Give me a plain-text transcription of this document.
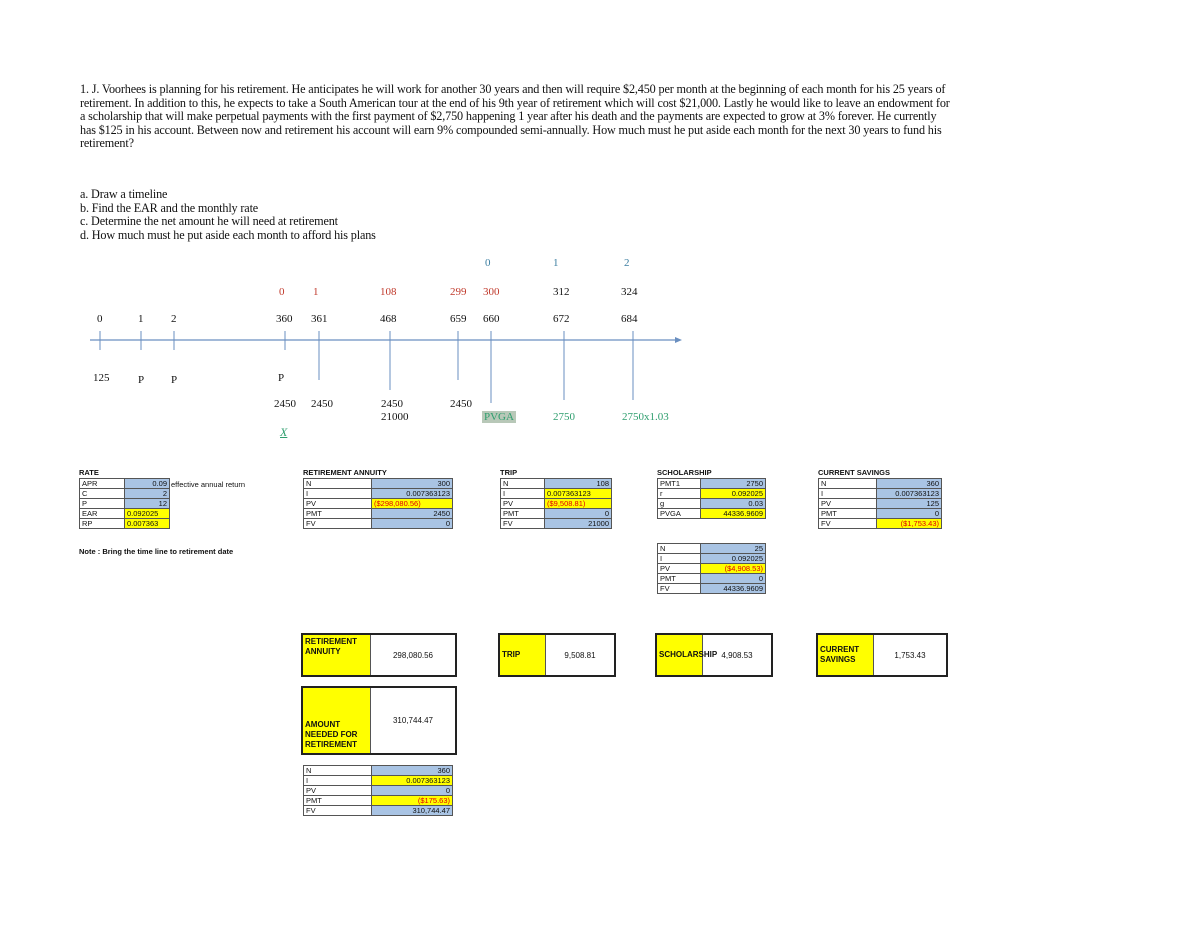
1. J. Voorhees is planning for his retirement. He anticipates he will work for another 30 years and then will require $2,450 per month at the beginning of each month for his 25 years of retirement. In addition to this, he expects to take a South American tour at the end of his 9th year of retirement which will cost $21,000. Lastly he would like to leave an endowment for a scholarship that will make perpetual payments with the first payment of $2,750 happening 1 year after his death and the payments are expected to grow at 3% forever. He currently has $125 in his account. Between now and retirement his account will earn 9% compounded semi-annually. How much must he put aside each month for the next 30 years to fund his retirement?

a. Draw a timeline
b. Find the EAR and the monthly rate
c. Determine the net amount he will need at retirement
d. How much must he put aside each month to afford his plans
0	1	2
0	1	108	299 300	312	324
0	1	2	360 361	468	659 660	672	684
125	P P	P
2450 2450	2450
21000
2450
PVGA	2750	2750x1.03
X
RATE
APR	0.09
C	2
P	12
EAR	0.092025
RP	0.007363
effective annual return
Note : Bring the time line to retirement date
RETIREMENT ANNUITY
N	300
I	0.007363123
PV	($298,080.56)
PMT	2450
FV	0
TRIP
N	108
I	0.007363123
PV	($9,508.81)
PMT	0
FV	21000
SCHOLARSHIP
PMT1	2750
r	0.092025
g	0.03
PVGA	44336.9609
N	25
I	0.092025
PV	($4,908.53)
PMT	0
FV	44336.9609
CURRENT SAVINGS
N	360
I	0.007363123
PV	125
PMT	0
FV	($1,753.43)
RETIREMENT ANNUITY	298,080.56	TRIP	9,508.81	SCHOLARSHIP 4,908.53
CURRENT SAVINGS	1,753.43
AMOUNT NEEDED FOR RETIREMENT
310,744.47
N	360
I	0.007363123
PV	0
PMT	($175.63)
FV	310,744.47
